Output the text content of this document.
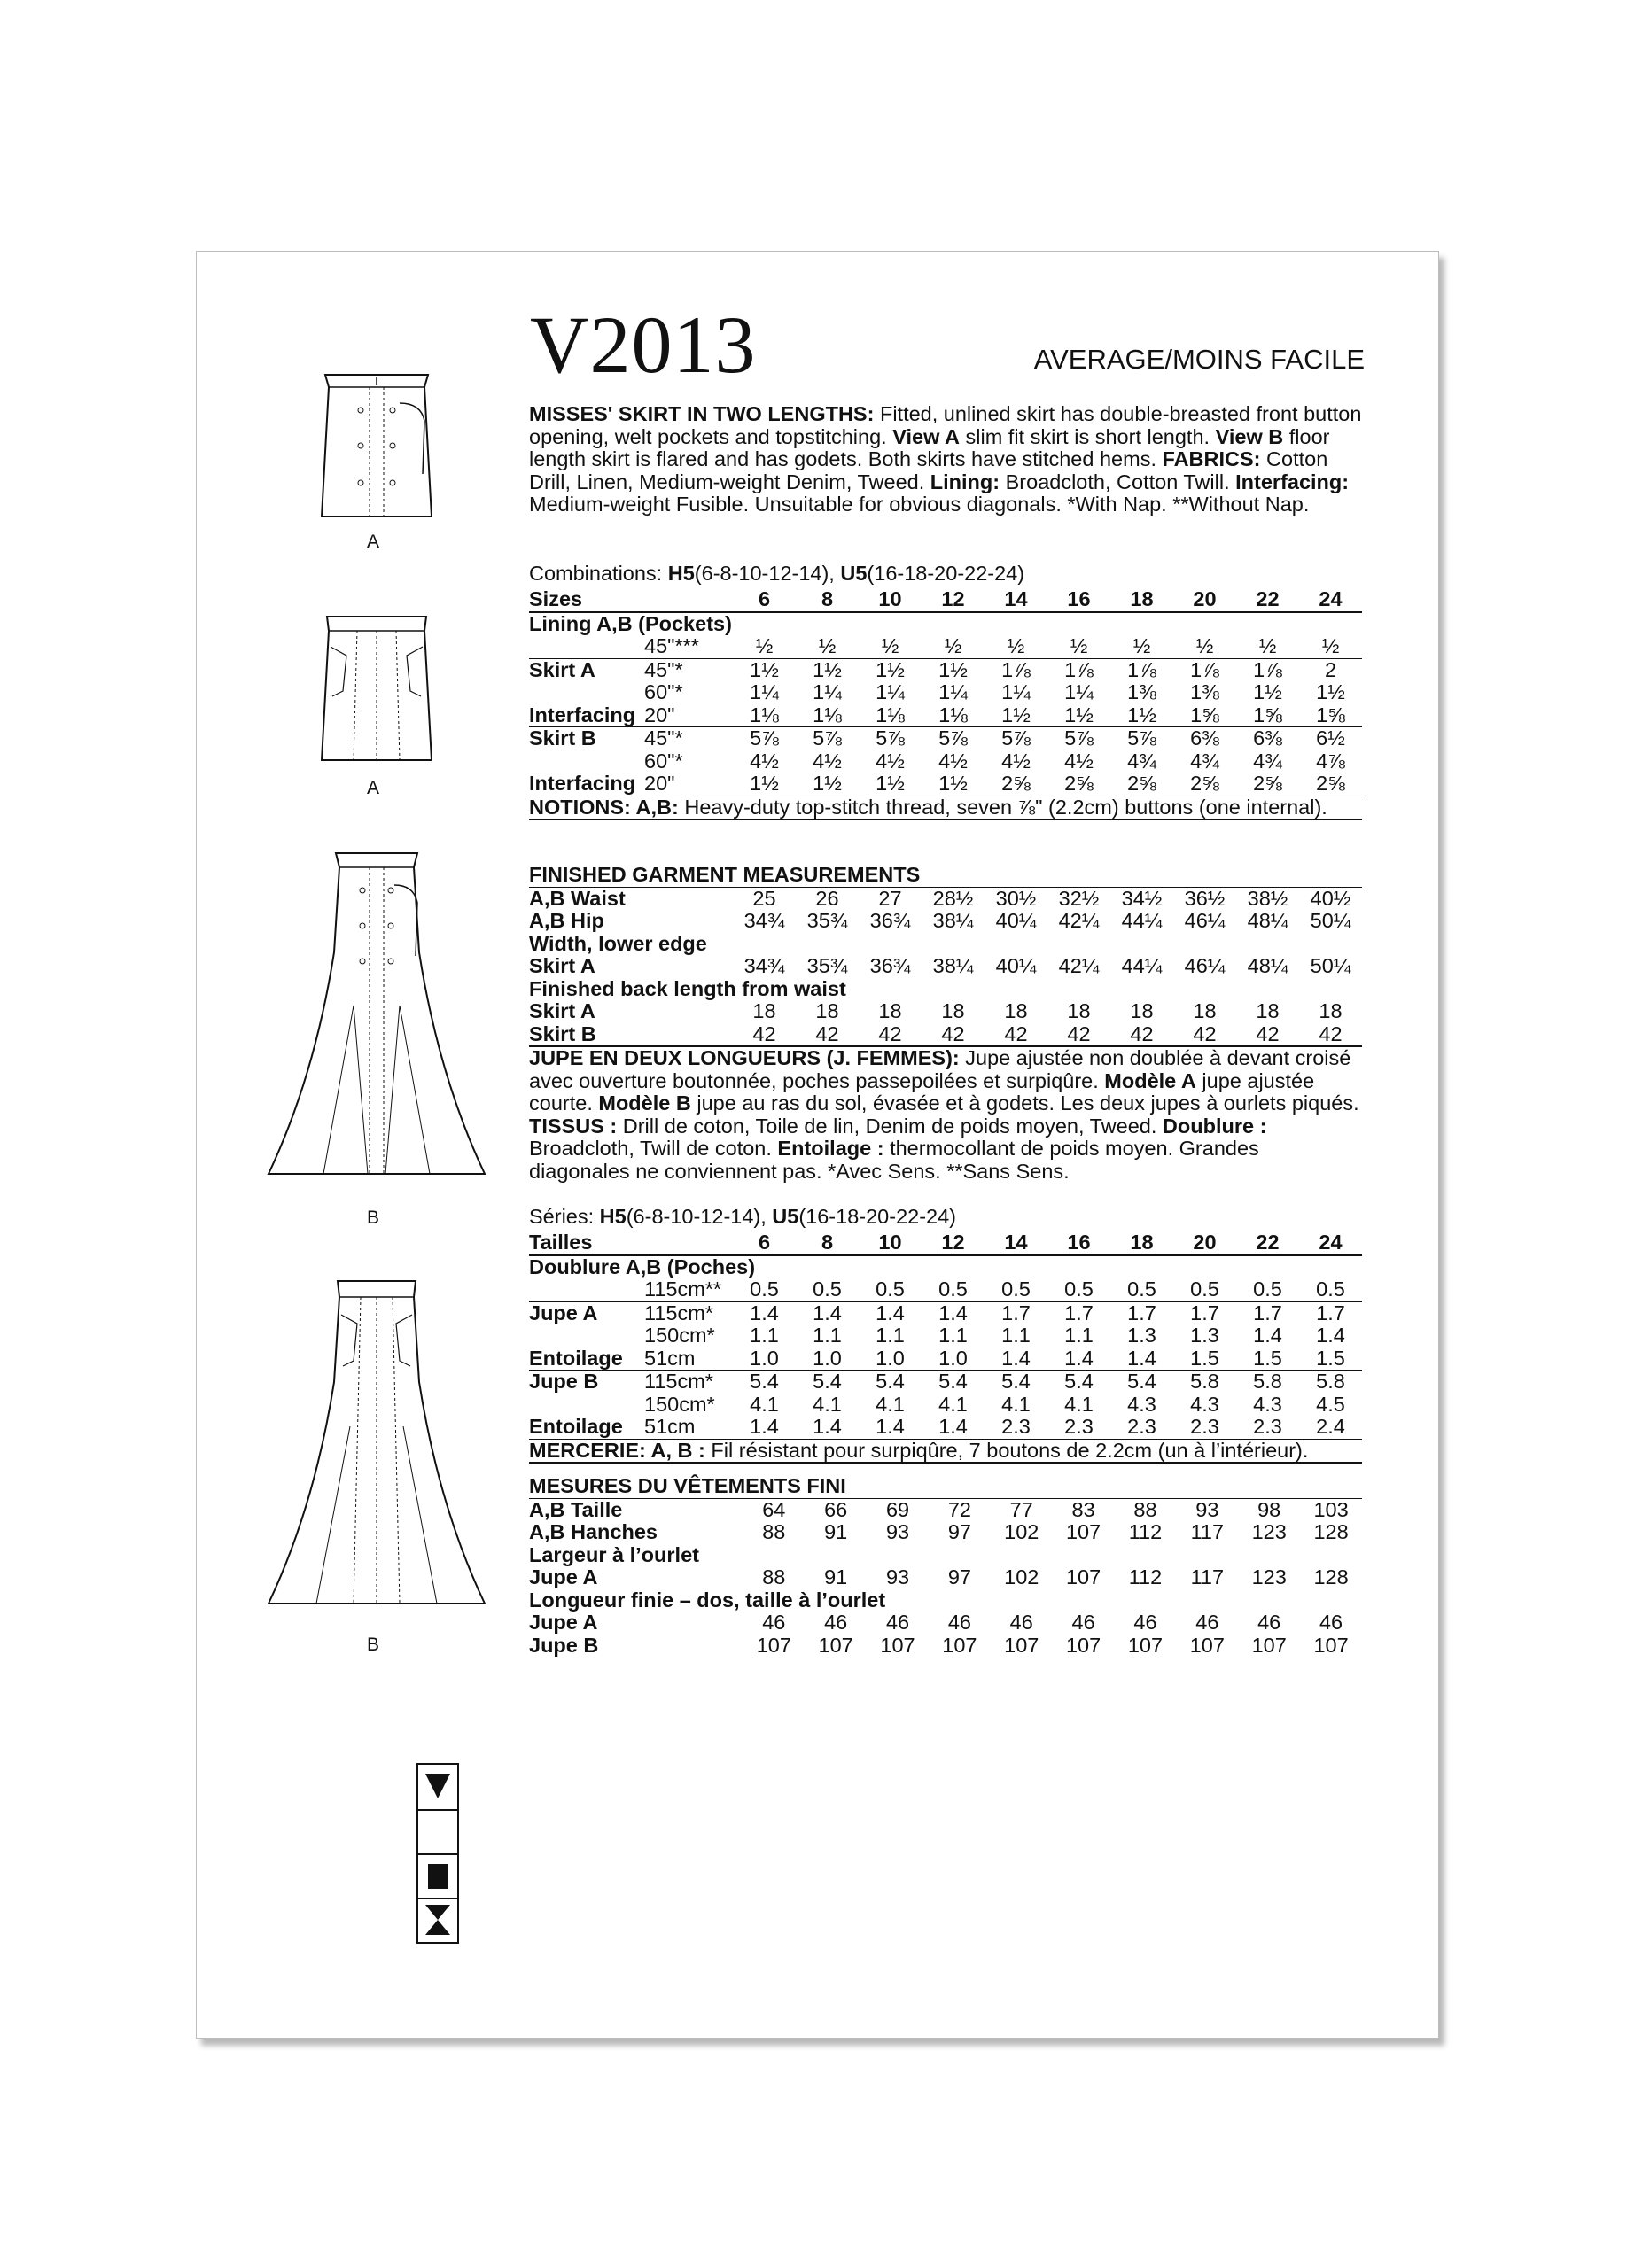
A
A
B
B
V2013	AVERAGE/MOINS FACILE
MISSES' SKIRT IN TWO LENGTHS: Fitted, unlined skirt has double-breasted front button opening, welt pockets and topstitching. View A slim fit skirt is short length. View B floor length skirt is flared and has godets. Both skirts have stitched hems. FABRICS: Cotton Drill, Linen, Medium-weight Denim, Tweed. Lining: Broadcloth, Cotton Twill. Interfacing: Medium-weight Fusible. Unsuitable for obvious diagonals. *With Nap. **Without Nap.
Combinations: H5(6-8-10-12-14), U5(16-18-20-22-24)
Sizes		6	8	10	12	14	16	18	20	22	24
Lining A,B (Pockets)											
	45"***	½	½	½	½	½	½	½	½	½	½
Skirt A	45"*	1½	1½	1½	1½	1⅞	1⅞	1⅞	1⅞	1⅞	2
	60"*	1¼	1¼	1¼	1¼	1¼	1¼	1⅜	1⅜	1½	1½
Interfacing	20"	1⅛	1⅛	1⅛	1⅛	1½	1½	1½	1⅝	1⅝	1⅝
Skirt B	45"*	5⅞	5⅞	5⅞	5⅞	5⅞	5⅞	5⅞	6⅜	6⅜	6½
	60"*	4½	4½	4½	4½	4½	4½	4¾	4¾	4¾	4⅞
Interfacing	20"	1½	1½	1½	1½	2⅝	2⅝	2⅝	2⅝	2⅝	2⅝
NOTIONS: A,B: Heavy-duty top-stitch thread, seven ⅞" (2.2cm) buttons (one internal).											
FINISHED GARMENT MEASUREMENTS											
A,B Waist		25	26	27	28½	30½	32½	34½	36½	38½	40½
A,B Hip		34¾	35¾	36¾	38¼	40¼	42¼	44¼	46¼	48¼	50¼
Width, lower edge											
Skirt A		34¾	35¾	36¾	38¼	40¼	42¼	44¼	46¼	48¼	50¼
Finished back length from waist											
Skirt A		18	18	18	18	18	18	18	18	18	18
Skirt B		42	42	42	42	42	42	42	42	42	42
JUPE EN DEUX LONGUEURS (J. FEMMES): Jupe ajustée non doublée à devant croisé avec ouverture boutonnée, poches passepoilées et surpiqûre. Modèle A jupe ajustée courte. Modèle B jupe au ras du sol, évasée et à godets. Les deux jupes à ourlets piqués. TISSUS : Drill de coton, Toile de lin, Denim de poids moyen, Tweed. Doublure : Broadcloth, Twill de coton. Entoilage : thermocollant de poids moyen. Grandes diagonales ne conviennent pas. *Avec Sens. **Sans Sens.
Séries: H5(6-8-10-12-14), U5(16-18-20-22-24)
Tailles		6	8	10	12	14	16	18	20	22	24
Doublure A,B (Poches)											
	115cm**	0.5	0.5	0.5	0.5	0.5	0.5	0.5	0.5	0.5	0.5
Jupe A	115cm*	1.4	1.4	1.4	1.4	1.7	1.7	1.7	1.7	1.7	1.7
	150cm*	1.1	1.1	1.1	1.1	1.1	1.1	1.3	1.3	1.4	1.4
Entoilage	51cm	1.0	1.0	1.0	1.0	1.4	1.4	1.4	1.5	1.5	1.5
Jupe B	115cm*	5.4	5.4	5.4	5.4	5.4	5.4	5.4	5.8	5.8	5.8
	150cm*	4.1	4.1	4.1	4.1	4.1	4.1	4.3	4.3	4.3	4.5
Entoilage	51cm	1.4	1.4	1.4	1.4	2.3	2.3	2.3	2.3	2.3	2.4
MERCERIE: A, B : Fil résistant pour surpiqûre, 7 boutons de 2.2cm (un à l’intérieur).											
MESURES DU VÊTEMENTS FINI											
A,B Taille		64	66	69	72	77	83	88	93	98	103
A,B Hanches		88	91	93	97	102	107	112	117	123	128
Largeur à l’ourlet											
Jupe A		88	91	93	97	102	107	112	117	123	128
Longueur finie – dos, taille à l’ourlet											
Jupe A		46	46	46	46	46	46	46	46	46	46
Jupe B		107	107	107	107	107	107	107	107	107	107
